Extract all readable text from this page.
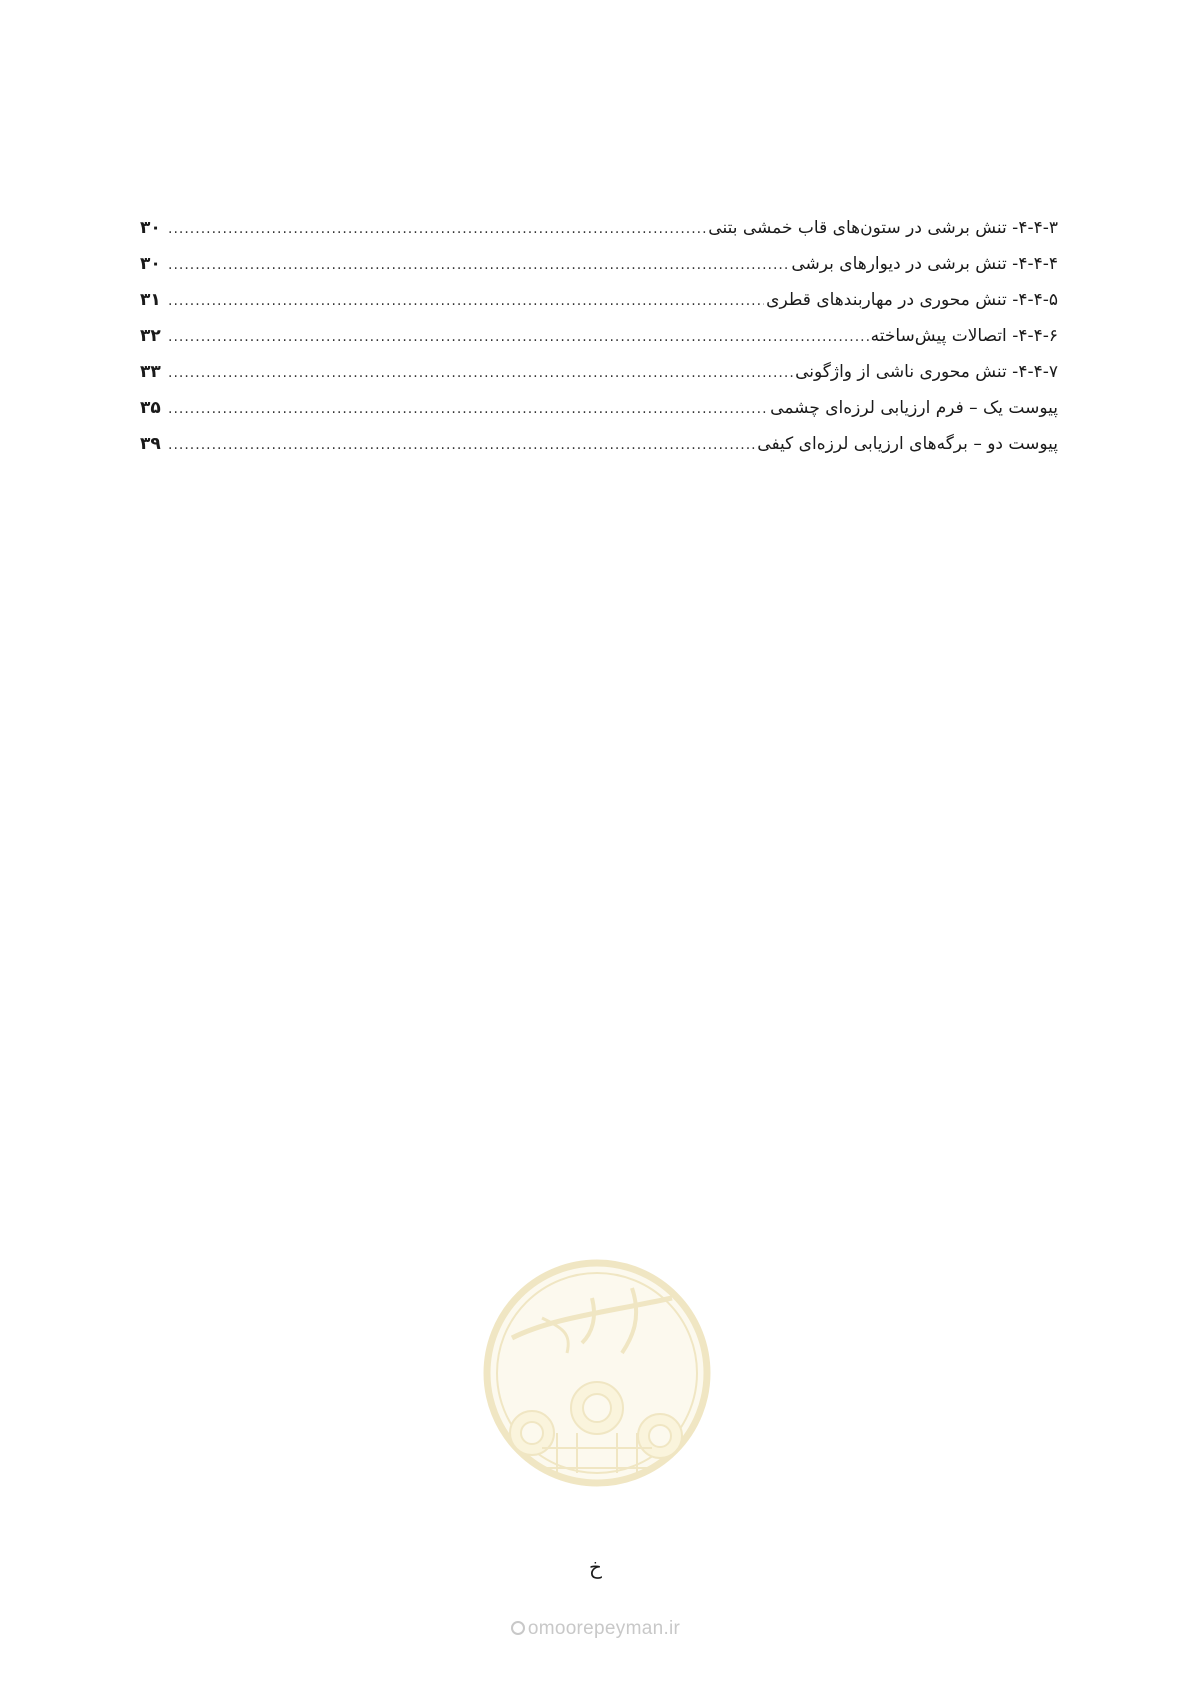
۴-۴-۳- تنش برشی در ستون‌های قاب خمشی بتنی
.....
۳۰
۴-۴-۴- تنش برشی در دیوارهای برشی
.....
۳۰
۴-۴-۵- تنش محوری در مهاربندهای قطری
.....
۳۱
۴-۴-۶- اتصالات پیش‌ساخته
.....
۳۲
۴-۴-۷- تنش محوری ناشی از واژگونی
.....
۳۳
پیوست یک – فرم ارزیابی لرزه‌ای چشمی
.....
۳۵
پیوست دو – برگه‌های ارزیابی لرزه‌ای کیفی
.....
۳۹
خ
omoorepeyman.ir
